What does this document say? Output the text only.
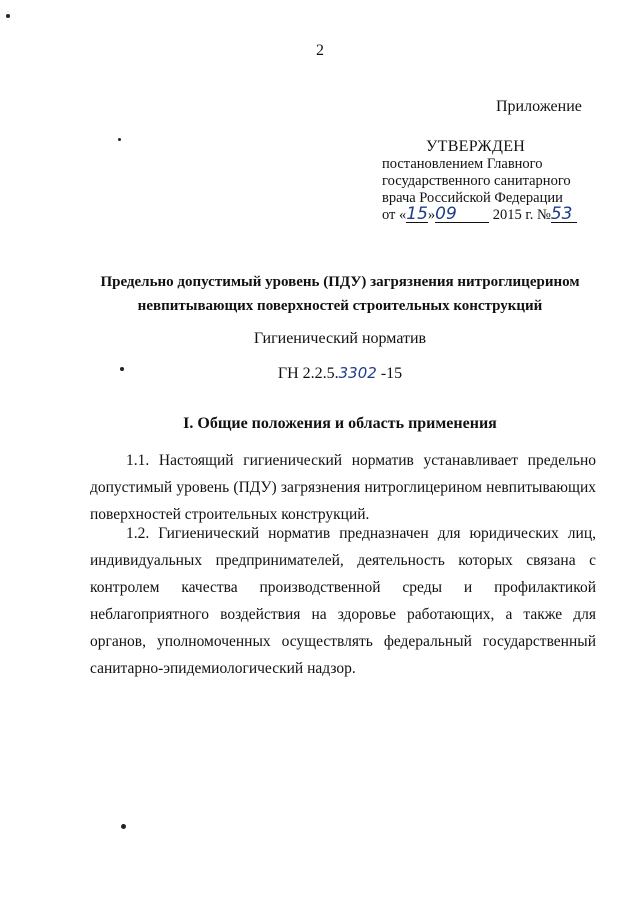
2
Приложение
УТВЕРЖДЕН
постановлением Главного
государственного санитарного
врача Российской Федерации
от «15»09 2015 г. №53
Предельно допустимый уровень (ПДУ) загрязнения нитроглицерином невпитывающих поверхностей строительных конструкций
Гигиенический норматив
ГН 2.2.5.3302 -15
I. Общие положения и область применения
1.1. Настоящий гигиенический норматив устанавливает предельно допустимый уровень (ПДУ) загрязнения нитроглицерином невпитывающих поверхностей строительных конструкций.
1.2. Гигиенический норматив предназначен для юридических лиц, индивидуальных предпринимателей, деятельность которых связана с контролем качества производственной среды и профилактикой неблагоприятного воздействия на здоровье работающих, а также для органов, уполномоченных осуществлять федеральный государственный санитарно-эпидемиологический надзор.
